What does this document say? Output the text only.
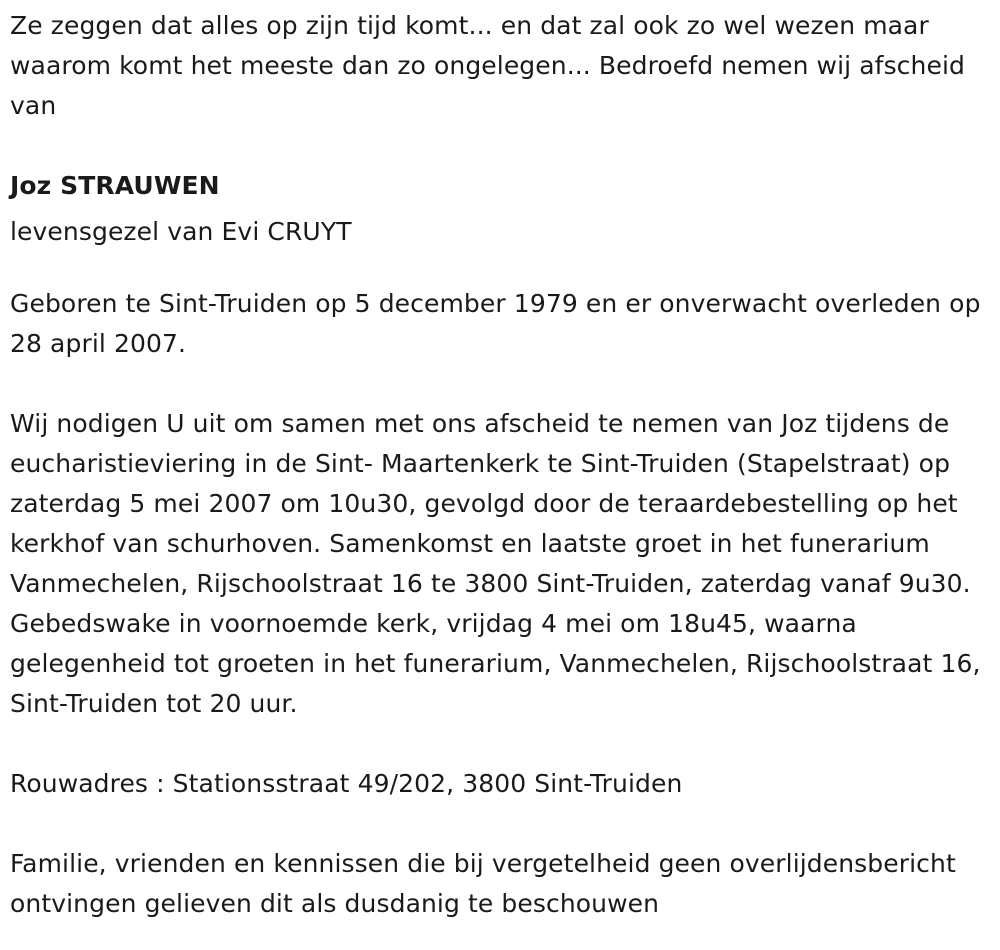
Ze zeggen dat alles op zijn tijd komt... en dat zal ook zo wel wezen maar waarom komt het meeste dan zo ongelegen... Bedroefd nemen wij afscheid van

Joz STRAUWEN

levensgezel van Evi CRUYT

Geboren te Sint-Truiden op 5 december 1979 en er onverwacht overleden op 28 april 2007.

Wij nodigen U uit om samen met ons afscheid te nemen van Joz tijdens de eucharistieviering in de Sint- Maartenkerk te Sint-Truiden (Stapelstraat) op zaterdag 5 mei 2007 om 10u30, gevolgd door de teraardebestelling op het kerkhof van schurhoven. Samenkomst en laatste groet in het funerarium Vanmechelen, Rijschoolstraat 16 te 3800 Sint-Truiden, zaterdag vanaf 9u30. Gebedswake in voornoemde kerk, vrijdag 4 mei om 18u45, waarna gelegenheid tot groeten in het funerarium, Vanmechelen, Rijschoolstraat 16, Sint-Truiden tot 20 uur.

Rouwadres : Stationsstraat 49/202, 3800 Sint-Truiden

Familie, vrienden en kennissen die bij vergetelheid geen overlijdensbericht ontvingen gelieven dit als dusdanig te beschouwen
